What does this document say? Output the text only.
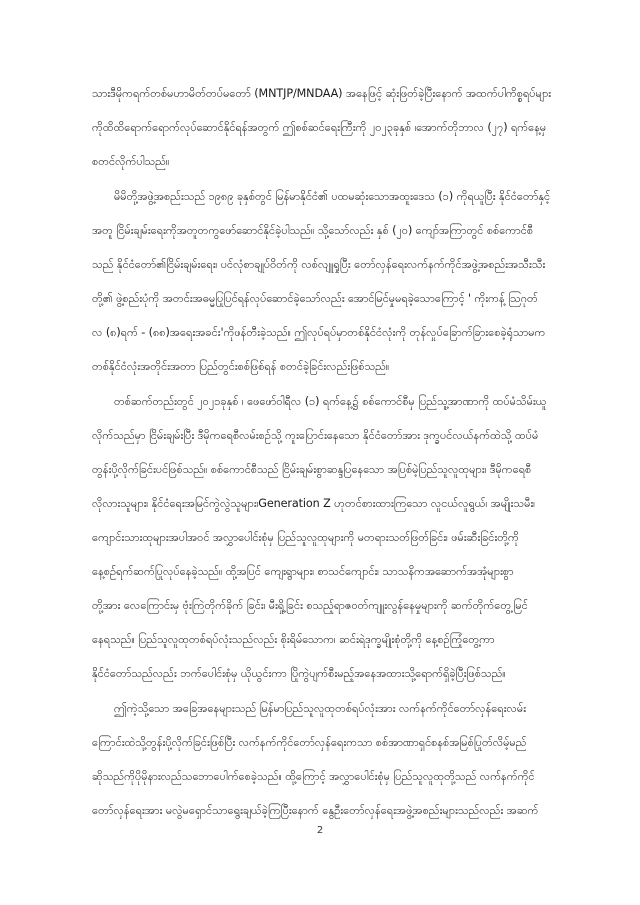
သားဒီမိုကရက်တစ်မဟာမိတ်တပ်မတော် (MNTJP/MNDAA) အနေဖြင့် ဆုံးဖြတ်ခဲ့ပြီးနောက် အထက်ပါကိစ္စရပ်များ
ကိုထိထိရောက်ရောက်လုပ်ဆောင်နိုင်ရန်အတွက် ဤစစ်ဆင်ရေးကြီးကို ၂၀၂၃ခုနှစ် ၊အောက်တိုဘာလ (၂၇) ရက်နေ့မှ
စတင်လိုက်ပါသည်။
မိမိတို့အဖွဲ့အစည်းသည် ၁၉၈၉ ခုနှစ်တွင် မြန်မာနိုင်ငံ၏ ပထမဆုံးသောအထူးဒေသ (၁) ကိုရယူပြီး နိုင်ငံတော်နှင့်
အတူ ငြိမ်းချမ်းရေးကိုအတူတကွဖော်ဆောင်နိုင်ခဲ့ပါသည်။ သို့သော်လည်း နှစ် (၂၀) ကျော်အကြာတွင် စစ်ကောင်စီ
သည် နိုင်ငံတော်၏ငြိမ်းချမ်းရေး၊ ပင်လုံစာချုပ်ဝိတ်ကို လစ်လျူရှုပြီး တော်လှန်ရေးလက်နက်ကိုင်အဖွဲ့အစည်းအသီးသီး
တို့၏ ဖွဲ့စည်းပုံကို အတင်းအဓမ္မပြုပြင်ရန်လုပ်ဆောင်ခဲ့သော်လည်း အောင်မြင်မှုမရခဲ့သောကြောင့် ' ကိုးကန့် ဩဂုတ်
လ (၈)ရက် - (၈၈)အရေးအခင်း'ကိုဖန်တီးခဲ့သည်။ ဤလုပ်ရပ်မှာတစ်နိုင်ငံလုံးကို တုန်လှုပ်ခြောက်ခြားစေခဲ့ရုံသာမက
တစ်နိုင်ငံလုံးအတိုင်းအတာ ပြည်တွင်းစစ်ဖြစ်ရန် စတင်ခဲ့ခြင်းလည်းဖြစ်သည်။
တစ်ဆက်တည်းတွင် ၂၀၂၁ခုနှစ် ၊ ဖေဖော်ဝါရီလ (၁) ရက်နေ့၌ စစ်ကောင်စီမှ ပြည်သူ့အာဏာကို ထပ်မံသိမ်းယူ
လိုက်သည်မှာ ငြိမ်းချမ်းပြီး ဒီမိုကရေစီလမ်းစဉ်သို့ ကူးပြောင်းနေသော နိုင်ငံတော်အား ဒုက္ခပင်လယ်နက်ထဲသို့ ထပ်မံ
တွန်းပို့လိုက်ခြင်းပင်ဖြစ်သည်။ စစ်ကောင်စီသည် ငြိမ်းချမ်းစွာဆန္ဒပြနေသော အပြစ်မဲ့ပြည်သူလူထုများ၊ ဒီမိုကရေစီ
လိုလားသူများ၊ နိုင်ငံရေးအမြင်ကွဲလွဲသူများ၊Generation Z ဟုတင်စားထားကြသော လူငယ်လူရွယ်၊ အမျိုးသမီး၊
ကျောင်းသားထုများအပါအဝင် အလွှာပေါင်းစုံမှ ပြည်သူလူထုများကို မတရားသတ်ဖြတ်ခြင်း၊ ဖမ်းဆီးခြင်းတို့ကို
နေ့စဉ်ရက်ဆက်ပြုလုပ်နေခဲ့သည်။ ထို့အပြင် ကျေးရွာများ၊ စာသင်ကျောင်း၊ သာသနိကအဆောက်အအုံများစွာ
တို့အား လေကြောင်းမှ ဗုံးကြဲတိုက်ခိုက် ခြင်း၊ မီးရှို့ခြင်း စသည့်ရာဇဝတ်ကျူးလွန်နေမှုများကို ဆက်တိုက်တွေ့မြင်
နေရသည်။ ပြည်သူလူထုတစ်ရပ်လုံးသည်လည်း စိုးရိမ်သောက၊ ဆင်းရဲဒုက္ခမျိုးစုံတို့ကို နေ့စဉ်ကြုံတွေ့ကာ
နိုင်ငံတော်သည်လည်း ဘက်ပေါင်းစုံမှ ယိုယွင်းကာ ပြိုကွဲပျက်စီးမည့်အနေအထားသို့ရောက်ရှိခဲ့ပြီးဖြစ်သည်။
ဤကဲ့သို့သော အခြေအနေများသည် မြန်မာပြည်သူလူထုတစ်ရပ်လုံးအား လက်နက်ကိုင်တော်လှန်ရေးလမ်း
ကြောင်းထဲသို့တွန်းပို့လိုက်ခြင်းဖြစ်ပြီး လက်နက်ကိုင်တော်လှန်ရေးကသာ စစ်အာဏာရှင်စနစ်အမြစ်ပြုတ်လိမ့်မည်
ဆိုသည်ကိုပိုမိုနားလည်သဘောပေါက်စေခဲ့သည်။ ထို့ကြောင့် အလွှာပေါင်းစုံမှ ပြည်သူလူထုတို့သည် လက်နက်ကိုင်
တော်လှန်ရေးအား မလွဲမရှောင်သာရွေးချယ်ခဲ့ကြပြီးနောက် နွေဦးတော်လှန်ရေးအဖွဲ့အစည်းများသည်လည်း အဆက်
2
